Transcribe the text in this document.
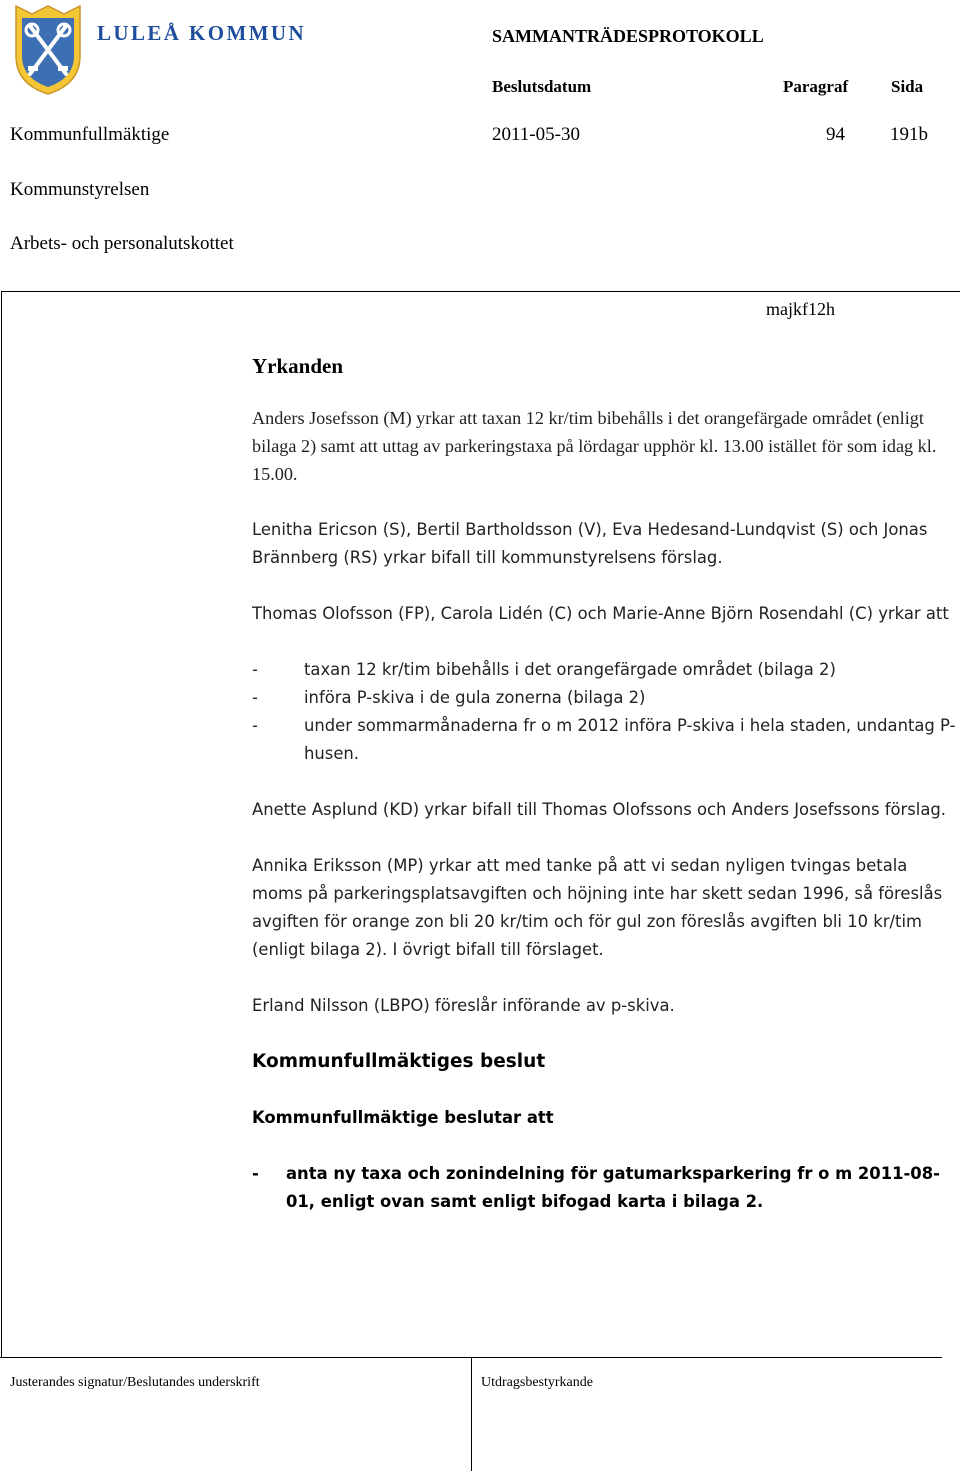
LULEÅ KOMMUN	SAMMANTRÄDESPROTOKOLL
Beslutsdatum	Paragraf	Sida
Kommunfullmäktige	2011-05-30	94 191b
Kommunstyrelsen
Arbets- och personalutskottet
majkf12h
Yrkanden

Anders Josefsson (M) yrkar att taxan 12 kr/tim bibehålls i det orangefärgade området (enligt bilaga 2) samt att uttag av parkeringstaxa på lördagar upphör kl. 13.00 istället för som idag kl. 15.00.

Lenitha Ericson (S), Bertil Bartholdsson (V), Eva Hedesand-Lundqvist (S) och Jonas Brännberg (RS) yrkar bifall till kommunstyrelsens förslag.

Thomas Olofsson (FP), Carola Lidén (C) och Marie-Anne Björn Rosendahl (C) yrkar att

-	taxan 12 kr/tim bibehålls i det orangefärgade området (bilaga 2)
-	införa P-skiva i de gula zonerna (bilaga 2)
-	under sommarmånaderna fr o m 2012 införa P-skiva i hela staden, undantag P-husen.

Anette Asplund (KD) yrkar bifall till Thomas Olofssons och Anders Josefssons förslag.

Annika Eriksson (MP) yrkar att med tanke på att vi sedan nyligen tvingas betala moms på parkeringsplatsavgiften och höjning inte har skett sedan 1996, så föreslås avgiften för orange zon bli 20 kr/tim och för gul zon föreslås avgiften bli 10 kr/tim (enligt bilaga 2). I övrigt bifall till förslaget.

Erland Nilsson (LBPO) föreslår införande av p-skiva.

Kommunfullmäktiges beslut

Kommunfullmäktige beslutar att

- anta ny taxa och zonindelning för gatumarksparkering fr o m 2011-08-01, enligt ovan samt enligt bifogad karta i bilaga 2.
Justerandes signatur/Beslutandes underskrift	Utdragsbestyrkande
